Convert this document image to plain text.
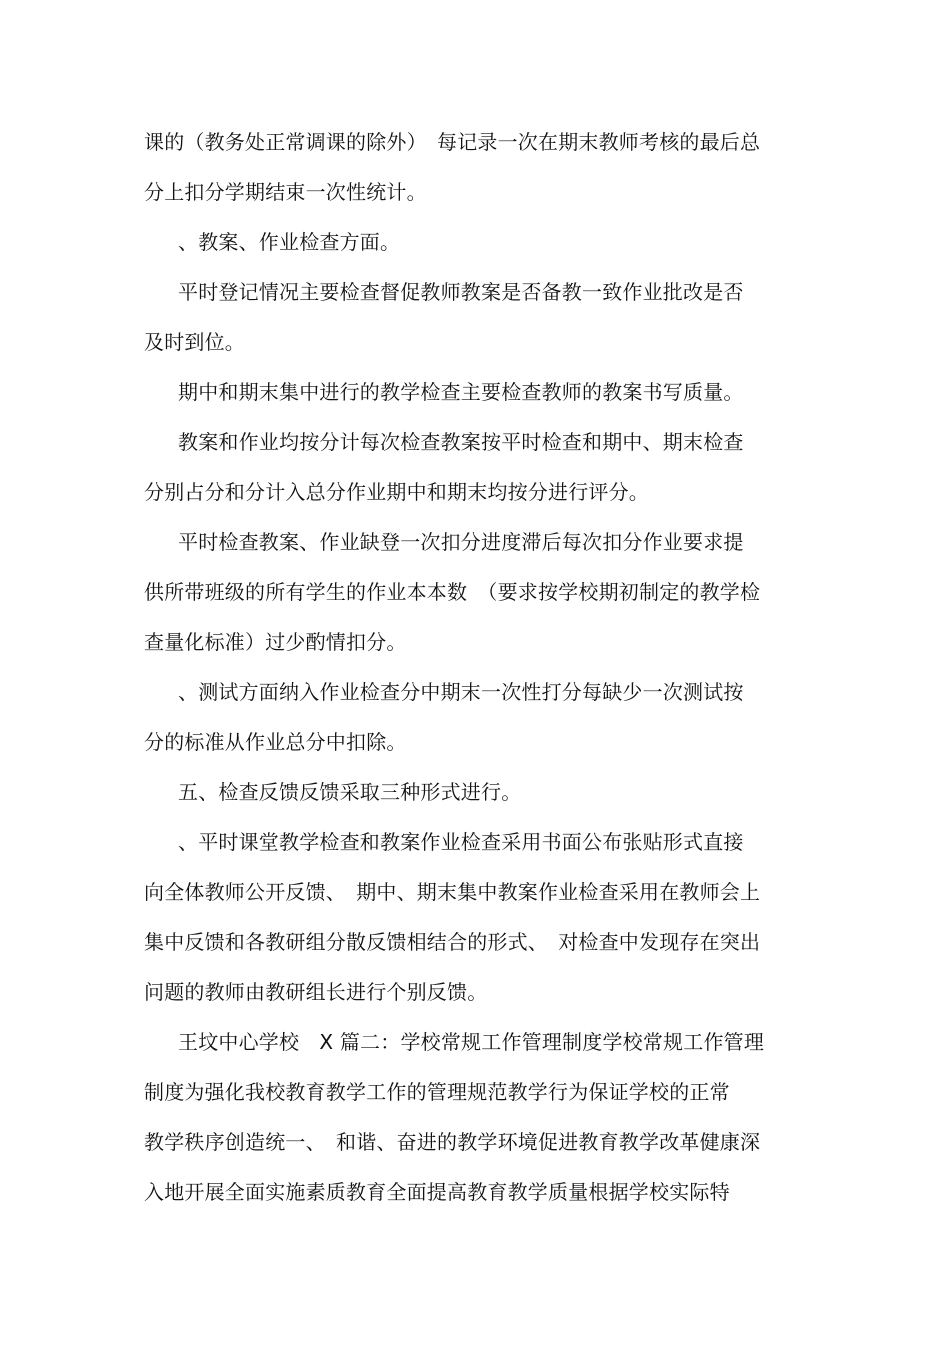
课的（教务处正常调课的除外）　每记录一次在期末教师考核的最后总
分上扣分学期结束一次性统计。
、教案、作业检查方面。
平时登记情况主要检查督促教师教案是否备教一致作业批改是否
及时到位。
期中和期末集中进行的教学检查主要检查教师的教案书写质量。
教案和作业均按分计每次检查教案按平时检查和期中、期末检查
分别占分和分计入总分作业期中和期末均按分进行评分。
平时检查教案、作业缺登一次扣分进度滞后每次扣分作业要求提
供所带班级的所有学生的作业本本数　（要求按学校期初制定的教学检
查量化标准）过少酌情扣分。
、测试方面纳入作业检查分中期末一次性打分每缺少一次测试按
分的标准从作业总分中扣除。
五、检查反馈反馈采取三种形式进行。
、平时课堂教学检查和教案作业检查采用书面公布张贴形式直接
向全体教师公开反馈、　期中、期末集中教案作业检查采用在教师会上
集中反馈和各教研组分散反馈相结合的形式、　对检查中发现存在突出
问题的教师由教研组长进行个别反馈。
王坟中心学校　X 篇二：学校常规工作管理制度学校常规工作管理
制度为强化我校教育教学工作的管理规范教学行为保证学校的正常
教学秩序创造统一、　和谐、奋进的教学环境促进教育教学改革健康深
入地开展全面实施素质教育全面提高教育教学质量根据学校实际特
